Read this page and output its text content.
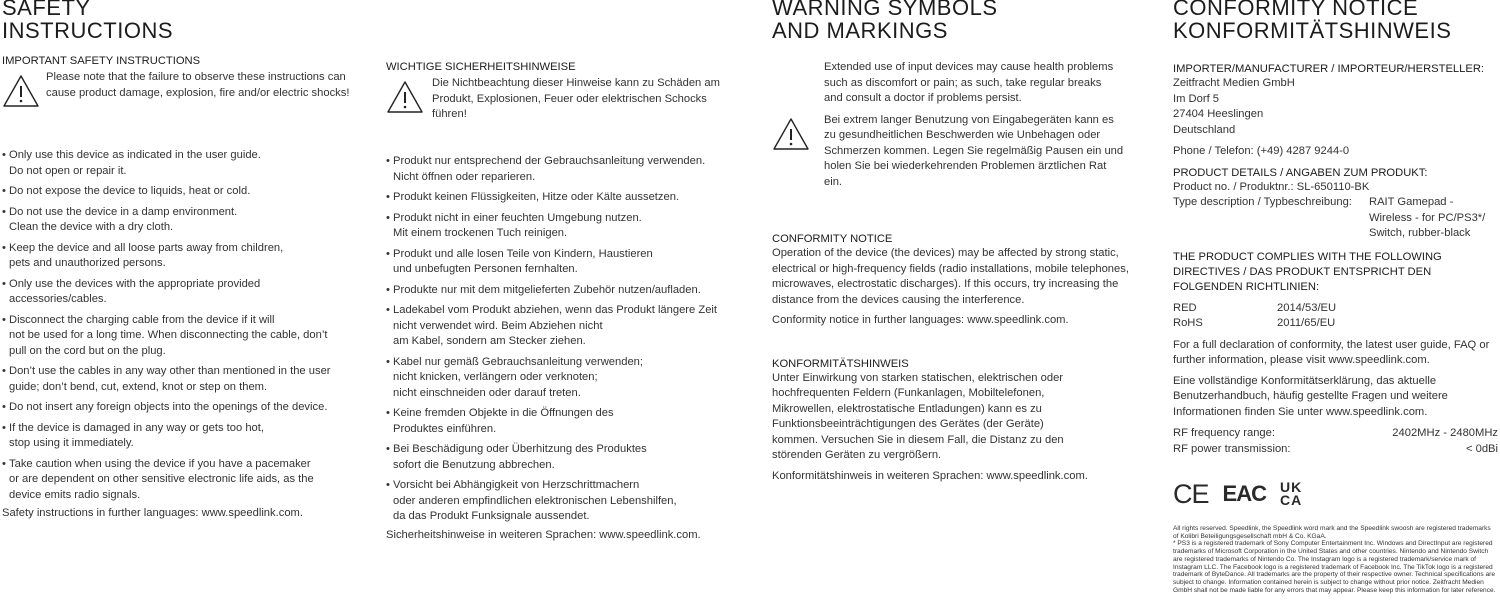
SAFETY
INSTRUCTIONS
IMPORTANT SAFETY INSTRUCTIONS
Please note that the failure to observe these instructions can cause product damage, explosion, fire and/or electric shocks!
• Only use this device as indicated in the user guide.
Do not open or repair it.
• Do not expose the device to liquids, heat or cold.
• Do not use the device in a damp environment.
Clean the device with a dry cloth.
• Keep the device and all loose parts away from children,
pets and unauthorized persons.
• Only use the devices with the appropriate provided
accessories/cables.
• Disconnect the charging cable from the device if it will
not be used for a long time. When disconnecting the cable, don’t
pull on the cord but on the plug.
• Don’t use the cables in any way other than mentioned in the user
guide; don’t bend, cut, extend, knot or step on them.
• Do not insert any foreign objects into the openings of the device.
• If the device is damaged in any way or gets too hot,
stop using it immediately.
• Take caution when using the device if you have a pacemaker
or are dependent on other sensitive electronic life aids, as the
device emits radio signals.
Safety instructions in further languages: www.speedlink.com.
WICHTIGE SICHERHEITSHINWEISE
Die Nichtbeachtung dieser Hinweise kann zu Schäden am Produkt, Explosionen, Feuer oder elektrischen Schocks führen!
• Produkt nur entsprechend der Gebrauchsanleitung verwenden.
Nicht öffnen oder reparieren.
• Produkt keinen Flüssigkeiten, Hitze oder Kälte aussetzen.
• Produkt nicht in einer feuchten Umgebung nutzen.
Mit einem trockenen Tuch reinigen.
• Produkt und alle losen Teile von Kindern, Haustieren
und unbefugten Personen fernhalten.
• Produkte nur mit dem mitgelieferten Zubehör nutzen/aufladen.
• Ladekabel vom Produkt abziehen, wenn das Produkt längere Zeit
nicht verwendet wird. Beim Abziehen nicht
am Kabel, sondern am Stecker ziehen.
• Kabel nur gemäß Gebrauchsanleitung verwenden;
nicht knicken, verlängern oder verknoten;
nicht einschneiden oder darauf treten.
• Keine fremden Objekte in die Öffnungen des
Produktes einführen.
• Bei Beschädigung oder Überhitzung des Produktes
sofort die Benutzung abbrechen.
• Vorsicht bei Abhängigkeit von Herzschrittmachern
oder anderen empfindlichen elektronischen Lebenshilfen,
da das Produkt Funksignale aussendet.
Sicherheitshinweise in weiteren Sprachen: www.speedlink.com.
WARNING SYMBOLS
AND MARKINGS
Extended use of input devices may cause health problems such as discomfort or pain; as such, take regular breaks and consult a doctor if problems persist.
Bei extrem langer Benutzung von Eingabegeräten kann es zu gesundheitlichen Beschwerden wie Unbehagen oder Schmerzen kommen. Legen Sie regelmäßig Pausen ein und holen Sie bei wiederkehrenden Problemen ärztlichen Rat ein.
CONFORMITY NOTICE
Operation of the device (the devices) may be affected by strong static, electrical or high-frequency fields (radio installations, mobile telephones, microwaves, electrostatic discharges). If this occurs, try increasing the distance from the devices causing the interference.
Conformity notice in further languages: www.speedlink.com.
KONFORMITÄTSHINWEIS
Unter Einwirkung von starken statischen, elektrischen oder hochfrequenten Feldern (Funkanlagen, Mobiltelefonen, Mikrowellen, elektrostatische Entladungen) kann es zu Funktionsbeeinträchtigungen des Gerätes (der Geräte) kommen. Versuchen Sie in diesem Fall, die Distanz zu den störenden Geräten zu vergrößern.
Konformitätshinweis in weiteren Sprachen: www.speedlink.com.
CONFORMITY NOTICE
KONFORMITÄTSHINWEIS
IMPORTER/MANUFACTURER / IMPORTEUR/HERSTELLER:
Zeitfracht Medien GmbH
Im Dorf 5
27404 Heeslingen
Deutschland
Phone / Telefon: (+49) 4287 9244-0
PRODUCT DETAILS / ANGABEN ZUM PRODUKT:
Product no. / Produktnr.: SL-650110-BK
Type description / Typbeschreibung:	RAIT Gamepad - Wireless - for PC/PS3*/ Switch, rubber-black
THE PRODUCT COMPLIES WITH THE FOLLOWING DIRECTIVES / DAS PRODUKT ENTSPRICHT DEN FOLGENDEN RICHTLINIEN:
RED	2014/53/EU
RoHS	2011/65/EU
For a full declaration of conformity, the latest user guide, FAQ or further information, please visit www.speedlink.com.
Eine vollständige Konformitätserklärung, das aktuelle Benutzerhandbuch, häufig gestellte Fragen und weitere Informationen finden Sie unter www.speedlink.com.
RF frequency range:	2402MHz - 2480MHz
RF power transmission:	< 0dBi
CE EAC UK
CA
All rights reserved. Speedlink, the Speedlink word mark and the Speedlink swoosh are registered trademarks of Kolibri Beteiligungsgesellschaft mbH & Co. KGaA.
* PS3 is a registered trademark of Sony Computer Entertainment Inc. Windows and DirectInput are registered trademarks of Microsoft Corporation in the United States and other countries. Nintendo and Nintendo Switch are registered trademarks of Nintendo Co. The Instagram logo is a registered trademark/service mark of Instagram LLC. The Facebook logo is a registered trademark of Facebook Inc. The TikTok logo is a registered trademark of ByteDance. All trademarks are the property of their respective owner. Technical specifications are subject to change. Information contained herein is subject to change without prior notice. Zeitfracht Medien GmbH shall not be made liable for any errors that may appear. Please keep this information for later reference.
